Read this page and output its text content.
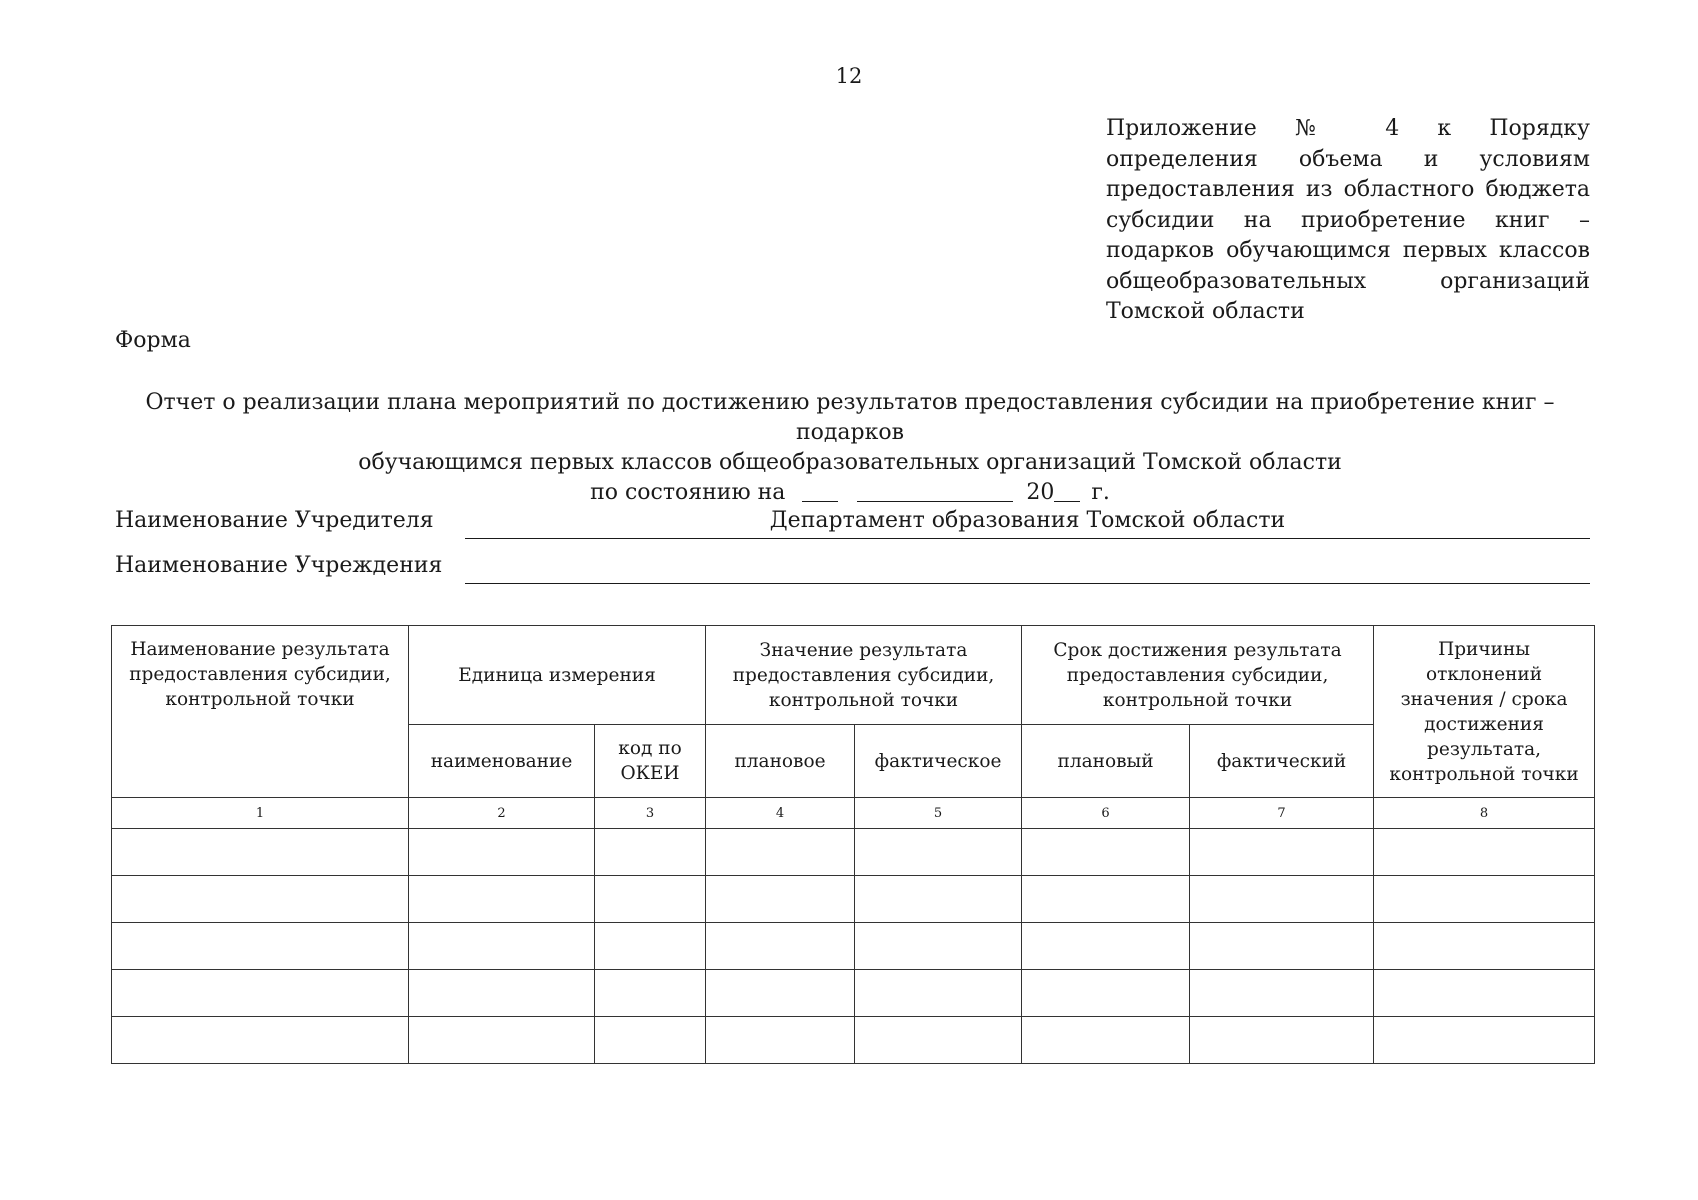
12
Приложение № 4 к Порядку определения объема и условиям предоставления из областного бюджета субсидии на приобретение книг – подарков обучающимся первых классов общеобразовательных организаций Томской области
Форма
Отчет о реализации плана мероприятий по достижению результатов предоставления субсидии на приобретение книг – подарков
обучающимся первых классов общеобразовательных организаций Томской области
по состоянию на	20 г.
Наименование Учредителя	Департамент образования Томской области
Наименование Учреждения
Наименование результата предоставления субсидии, контрольной точки	Единица измерения		Значение результата предоставления субсидии, контрольной точки		Срок достижения результата предоставления субсидии, контрольной точки		Причины отклонений значения / срока достижения результата, контрольной точки
	наименование	код по ОКЕИ	плановое	фактическое	плановый	фактический	
1	2	3	4	5	6	7	8
